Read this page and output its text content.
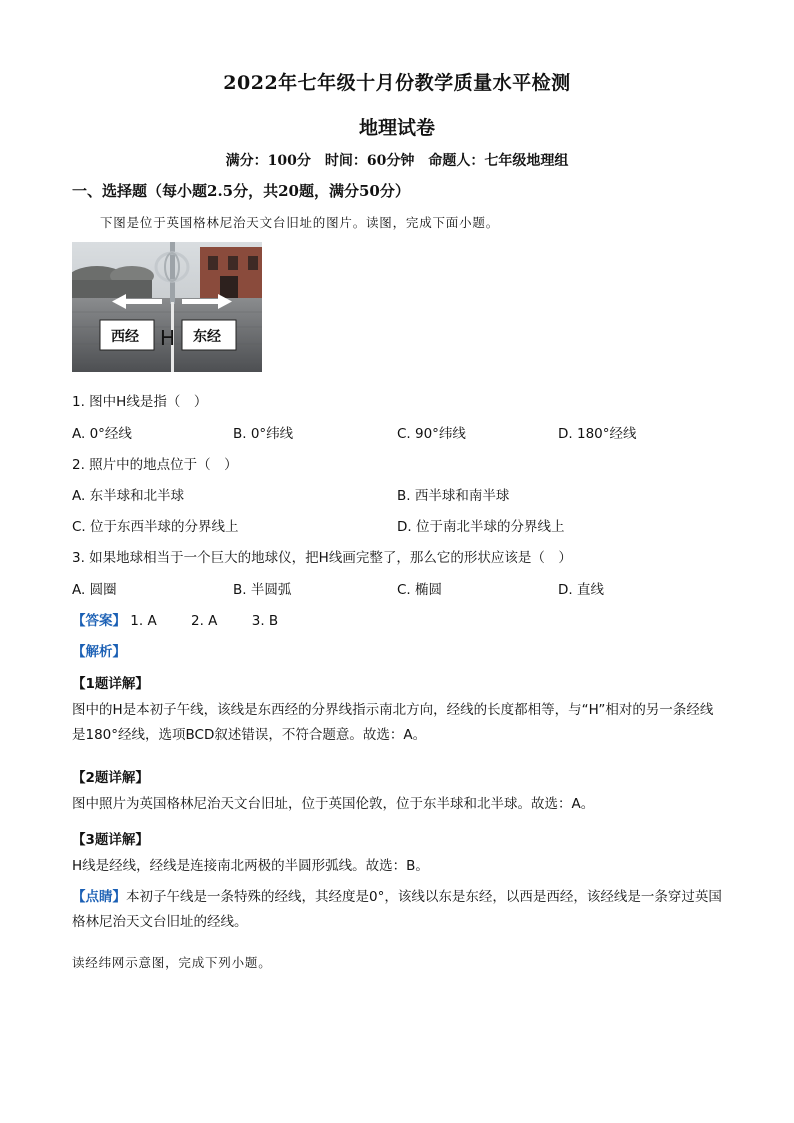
2022年七年级十月份教学质量水平检测
地理试卷
满分：100分　时间：60分钟　命题人：七年级地理组
一、选择题（每小题2.5分，共20题，满分50分）
下图是位于英国格林尼治天文台旧址的图片。读图，完成下面小题。
西经	东经
H
1. 图中H线是指（　）
A. 0°经线	B. 0°纬线	C. 90°纬线	D. 180°经线
2. 照片中的地点位于（　）
A. 东半球和北半球	B. 西半球和南半球
C. 位于东西半球的分界线上	D. 位于南北半球的分界线上
3. 如果地球相当于一个巨大的地球仪，把H线画完整了，那么它的形状应该是（　）
A. 圆圈	B. 半圆弧	C. 椭圆	D. 直线
【答案】 1. A	2. A	3. B
【解析】
【1题详解】
图中的H是本初子午线，该线是东西经的分界线指示南北方向，经线的长度都相等，与“H”相对的另一条经线是180°经线，选项BCD叙述错误，不符合题意。故选：A。
【2题详解】
图中照片为英国格林尼治天文台旧址，位于英国伦敦，位于东半球和北半球。故选：A。
【3题详解】
H线是经线，经线是连接南北两极的半圆形弧线。故选：B。
【点睛】本初子午线是一条特殊的经线，其经度是0°，该线以东是东经，以西是西经，该经线是一条穿过英国格林尼治天文台旧址的经线。
读经纬网示意图，完成下列小题。
